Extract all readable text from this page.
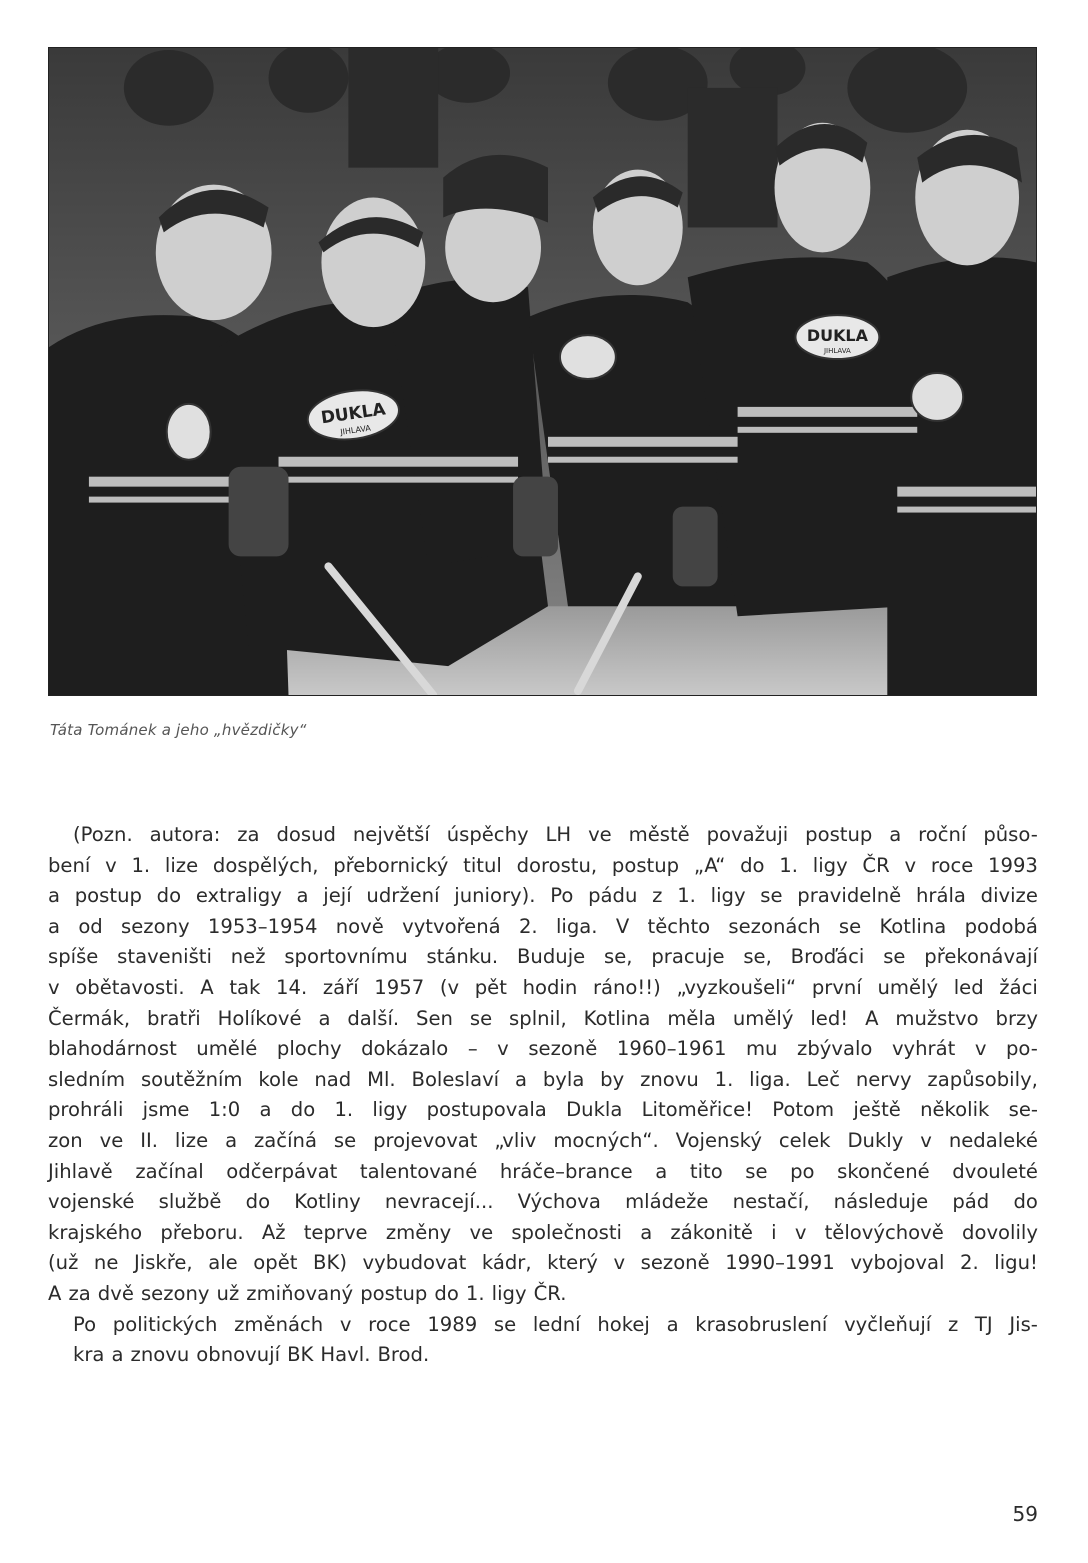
DUKLA
JIHLAVA
DUKLA
JIHLAVA
Táta Tománek a jeho „hvězdičky“
(Pozn. autora: za dosud největší úspěchy LH ve městě považuji postup a roční půso-
bení v 1. lize dospělých, přebornický titul dorostu, postup „A“ do 1. ligy ČR v roce 1993
a postup do extraligy a její udržení juniory). Po pádu z 1. ligy se pravidelně hrála divize
a od sezony 1953–1954 nově vytvořená 2. liga. V těchto sezonách se Kotlina podobá
spíše staveništi než sportovnímu stánku. Buduje se, pracuje se, Broďáci se překonávají
v obětavosti. A tak 14. září 1957 (v pět hodin ráno!!) „vyzkoušeli“ první umělý led žáci
Čermák, bratři Holíkové a další. Sen se splnil, Kotlina měla umělý led! A mužstvo brzy
blahodárnost umělé plochy dokázalo – v sezoně 1960–1961 mu zbývalo vyhrát v po-
sledním soutěžním kole nad Ml. Boleslaví a byla by znovu 1. liga. Leč nervy zapůsobily,
prohráli jsme 1:0 a do 1. ligy postupovala Dukla Litoměřice! Potom ještě několik se-
zon ve II. lize a začíná se projevovat „vliv mocných“. Vojenský celek Dukly v nedaleké
Jihlavě začínal odčerpávat talentované hráče–brance a tito se po skončené dvouleté
vojenské službě do Kotliny nevracejí... Výchova mládeže nestačí, následuje pád do
krajského přeboru. Až teprve změny ve společnosti a zákonitě i v tělovýchově dovolily
(už ne Jiskře, ale opět BK) vybudovat kádr, který v sezoně 1990–1991 vybojoval 2. ligu!
A za dvě sezony už zmiňovaný postup do 1. ligy ČR.
Po politických změnách v roce 1989 se lední hokej a krasobruslení vyčleňují z TJ Jis-
kra a znovu obnovují BK Havl. Brod.
59
